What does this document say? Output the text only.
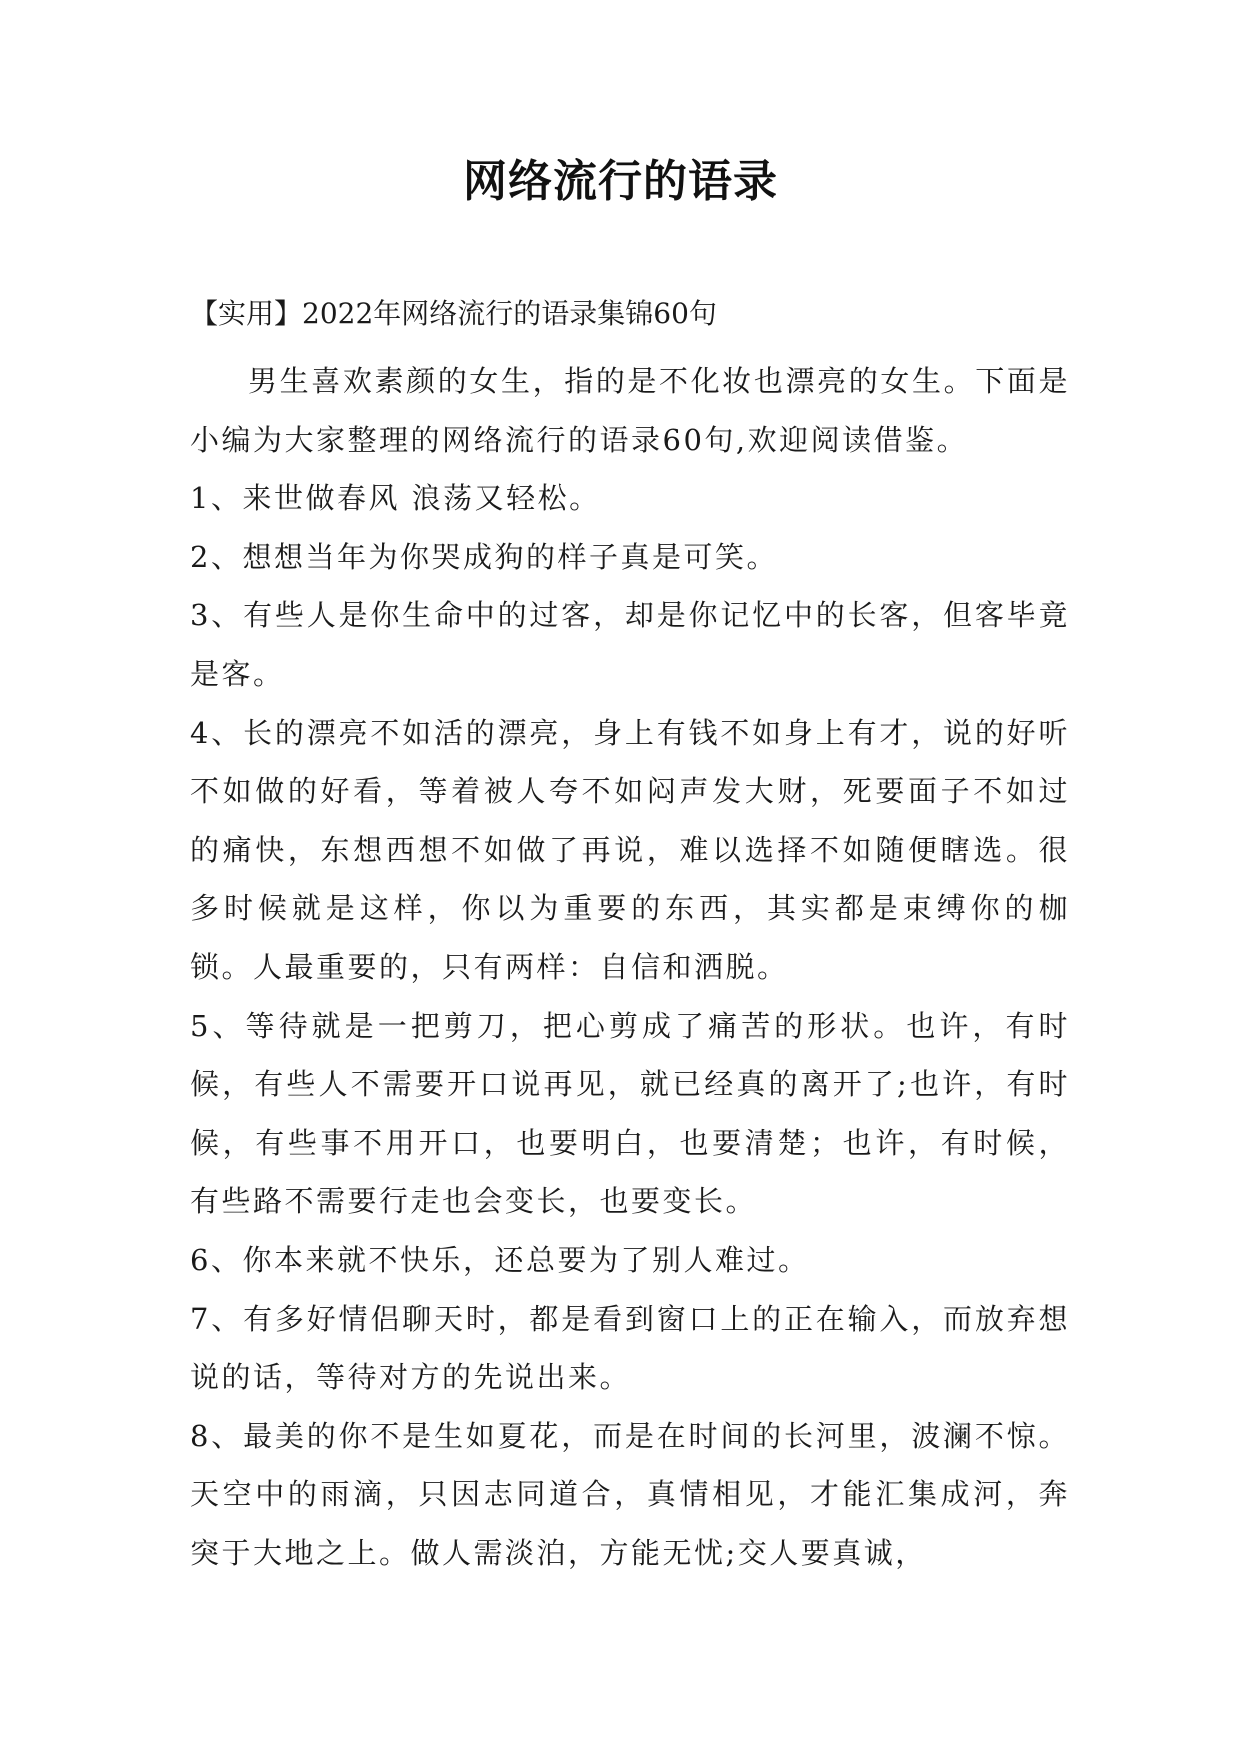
网络流行的语录
【实用】2022年网络流行的语录集锦60句

男生喜欢素颜的女生，指的是不化妆也漂亮的女生。下面是小编为大家整理的网络流行的语录60句,欢迎阅读借鉴。

1、来世做春风 浪荡又轻松。

2、想想当年为你哭成狗的样子真是可笑。

3、有些人是你生命中的过客，却是你记忆中的长客，但客毕竟是客。

4、长的漂亮不如活的漂亮，身上有钱不如身上有才，说的好听不如做的好看，等着被人夸不如闷声发大财，死要面子不如过的痛快，东想西想不如做了再说，难以选择不如随便瞎选。很多时候就是这样，你以为重要的东西，其实都是束缚你的枷锁。人最重要的，只有两样：自信和洒脱。

5、等待就是一把剪刀，把心剪成了痛苦的形状。也许，有时候，有些人不需要开口说再见，就已经真的离开了;也许，有时候，有些事不用开口，也要明白，也要清楚；也许，有时候，有些路不需要行走也会变长，也要变长。

6、你本来就不快乐，还总要为了别人难过。

7、有多好情侣聊天时，都是看到窗口上的正在输入，而放弃想说的话，等待对方的先说出来。

8、最美的你不是生如夏花，而是在时间的长河里，波澜不惊。天空中的雨滴，只因志同道合，真情相见，才能汇集成河，奔突于大地之上。做人需淡泊，方能无忧;交人要真诚，
